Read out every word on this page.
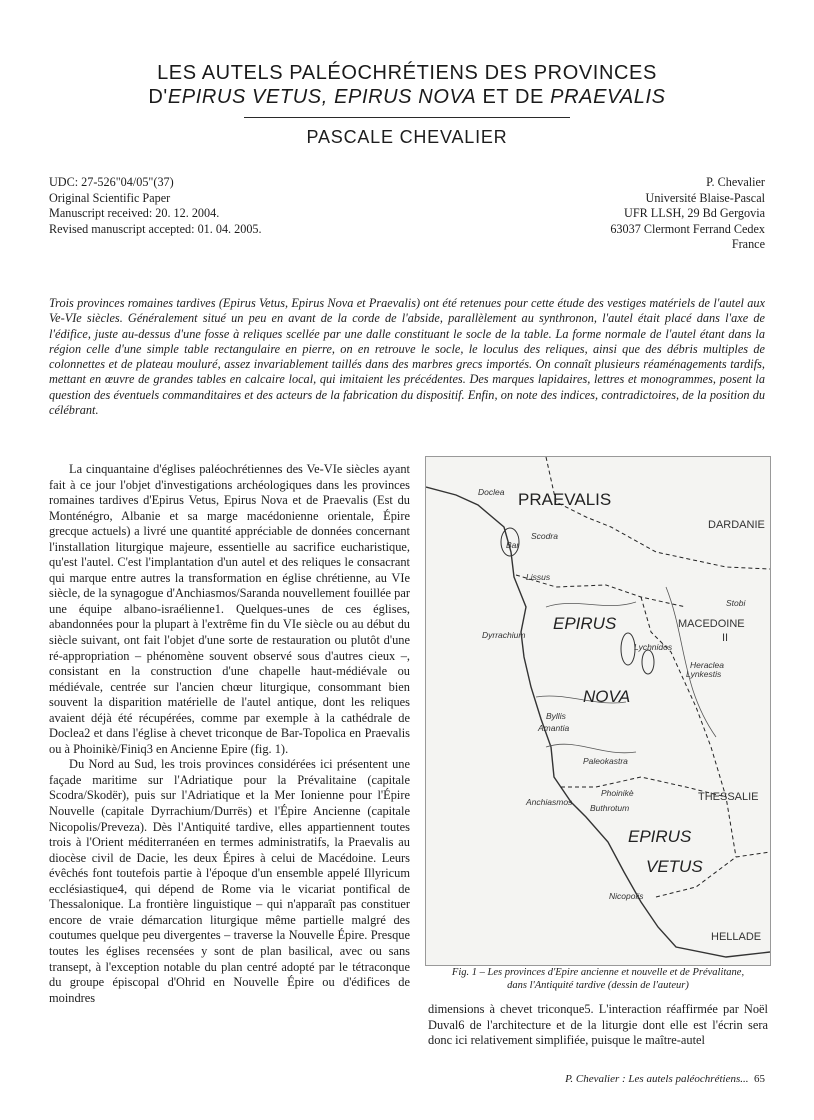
LES AUTELS PALÉOCHRÉTIENS DES PROVINCES
D'EPIRUS VETUS, EPIRUS NOVA ET DE PRAEVALIS
PASCALE CHEVALIER
UDC: 27-526"04/05"(37)
Original Scientific Paper
Manuscript received: 20. 12. 2004.
Revised manuscript accepted: 01. 04. 2005.
P. Chevalier
Université Blaise-Pascal
UFR LLSH, 29 Bd Gergovia
63037 Clermont Ferrand Cedex
France

Trois provinces romaines tardives (Epirus Vetus, Epirus Nova et Praevalis) ont été retenues pour cette étude des vestiges matériels de l'autel aux Ve-VIe siècles. Généralement situé un peu en avant de la corde de l'abside, parallèlement au synthronon, l'autel était placé dans l'axe de l'édifice, juste au-dessus d'une fosse à reliques scellée par une dalle constituant le socle de la table. La forme normale de l'autel étant dans la région celle d'une simple table rectangulaire en pierre, on en retrouve le socle, le loculus des reliques, ainsi que des débris multiples de colonnettes et de plateau mouluré, assez invariablement taillés dans des marbres grecs importés. On connaît plusieurs réaménagements tardifs, mettant en œuvre de grandes tables en calcaire local, qui imitaient les précédentes. Des marques lapidaires, lettres et monogrammes, posent la question des éventuels commanditaires et des acteurs de la fabrication du dispositif. Enfin, on note des indices, contradictoires, de la position du célébrant.

La cinquantaine d'églises paléochrétiennes des Ve-VIe siècles ayant fait à ce jour l'objet d'investigations archéologiques dans les provinces romaines tardives d'Epirus Vetus, Epirus Nova et de Praevalis (Est du Monténégro, Albanie et sa marge macédonienne orientale, Épire grecque actuels) a livré une quantité appréciable de données concernant l'installation liturgique majeure, essentielle au sacrifice eucharistique, qu'est l'autel. C'est l'implantation d'un autel et des reliques le consacrant qui marque entre autres la transformation en église chrétienne, au VIe siècle, de la synagogue d'Anchiasmos/Saranda nouvellement fouillée par une équipe albano-israélienne1. Quelques-unes de ces églises, abandonnées pour la plupart à l'extrême fin du VIe siècle ou au début du siècle suivant, ont fait l'objet d'une sorte de restauration ou plutôt d'une ré-appropriation – phénomène souvent observé sous d'autres cieux –, consistant en la construction d'une chapelle haut-médiévale ou médiévale, centrée sur l'ancien chœur liturgique, consommant bien souvent la disparition matérielle de l'autel antique, dont les reliques avaient déjà été récupérées, comme par exemple à la cathédrale de Doclea2 et dans l'église à chevet triconque de Bar-Topolica en Praevalis ou à Phoinikè/Finiq3 en Ancienne Epire (fig. 1).

Du Nord au Sud, les trois provinces considérées ici présentent une façade maritime sur l'Adriatique pour la Prévalitaine (capitale Scodra/Skodër), puis sur l'Adriatique et la Mer Ionienne pour l'Épire Nouvelle (capitale Dyrrachium/Durrës) et l'Épire Ancienne (capitale Nicopolis/Preveza). Dès l'Antiquité tardive, elles appartiennent toutes trois à l'Orient méditerranéen en termes administratifs, la Praevalis au diocèse civil de Dacie, les deux Épires à celui de Macédoine. Leurs évêchés font toutefois partie à l'époque d'un ensemble appelé Illyricum ecclésiastique4, qui dépend de Rome via le vicariat pontifical de Thessalonique. La frontière linguistique – qui n'apparaît pas constituer encore de vraie démarcation liturgique même partielle malgré des coutumes quelque peu divergentes – traverse la Nouvelle Épire. Presque toutes les églises recensées y sont de plan basilical, avec ou sans transept, à l'exception notable du plan centré adopté par le tétraconque du groupe épiscopal d'Ohrid en Nouvelle Épire ou d'édifices de moindres

PRAEVALIS
DARDANIE
EPIRUS
NOVA
MACEDOINE
II
THESSALIE
EPIRUS
VETUS
HELLADE
Doclea
Scodra
Bar
Lissus
Stobi
Dyrrachium
Lychnidos
Heraclea
Lynkestis
Byllis
Amantia
Paleokastra
Phoinikè
Anchiasmos
Buthrotum
Nicopolis
Fig. 1 – Les provinces d'Epire ancienne et nouvelle et de Prévalitane,
dans l'Antiquité tardive (dessin de l'auteur)

dimensions à chevet triconque5. L'interaction réaffirmée par Noël Duval6 de l'architecture et de la liturgie dont elle est l'écrin sera donc ici relativement simplifiée, puisque le maître-autel

P. Chevalier : Les autels paléochrétiens... 65
